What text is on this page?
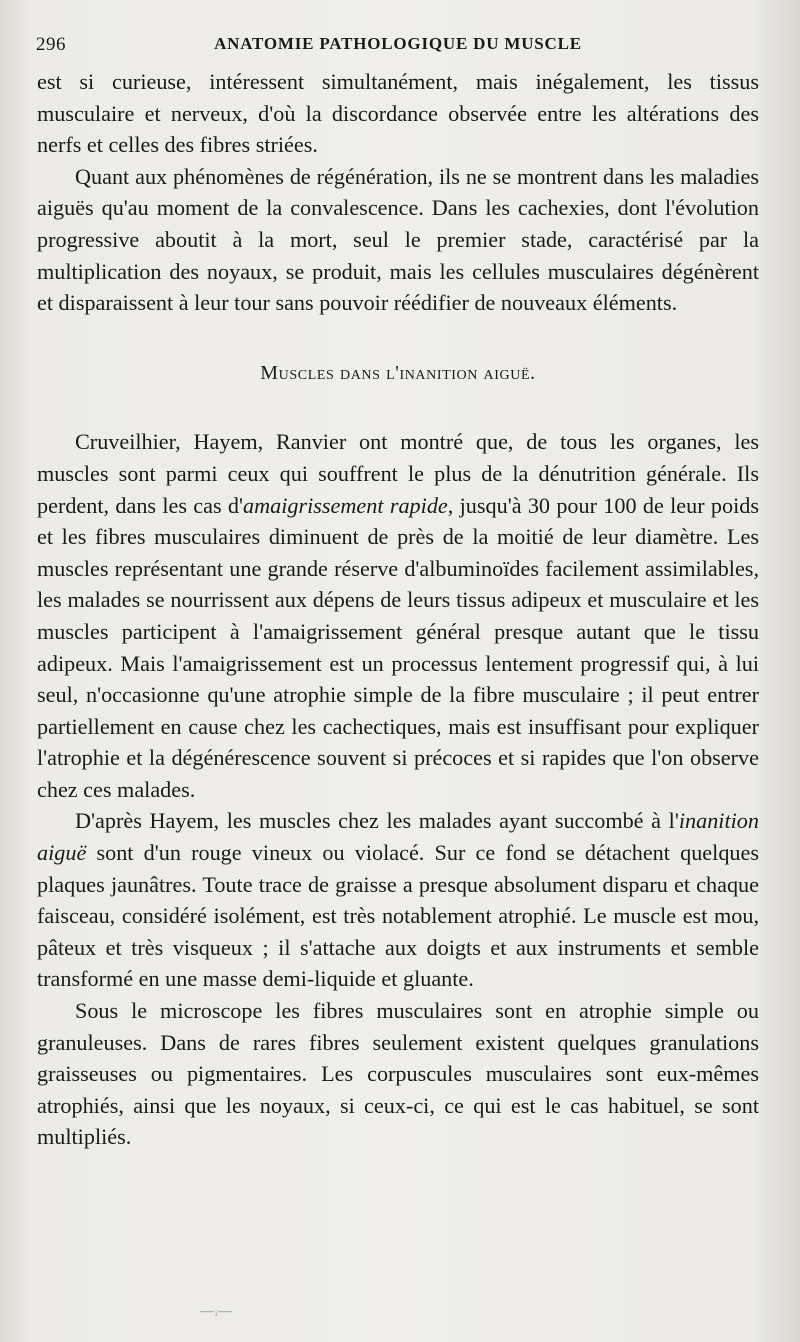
296	ANATOMIE PATHOLOGIQUE DU MUSCLE

est si curieuse, intéressent simultanément, mais inégalement, les tissus musculaire et nerveux, d'où la discordance observée entre les altérations des nerfs et celles des fibres striées.

Quant aux phénomènes de régénération, ils ne se montrent dans les maladies aiguës qu'au moment de la convalescence. Dans les cachexies, dont l'évolution progressive aboutit à la mort, seul le premier stade, caractérisé par la multiplication des noyaux, se produit, mais les cellules musculaires dégénèrent et disparaissent à leur tour sans pouvoir réédifier de nouveaux éléments.

Muscles dans l'inanition aiguë.

Cruveilhier, Hayem, Ranvier ont montré que, de tous les organes, les muscles sont parmi ceux qui souffrent le plus de la dénutrition générale. Ils perdent, dans les cas d'amaigrissement rapide, jusqu'à 30 pour 100 de leur poids et les fibres musculaires diminuent de près de la moitié de leur diamètre. Les muscles représentant une grande réserve d'albuminoïdes facilement assimilables, les malades se nourrissent aux dépens de leurs tissus adipeux et musculaire et les muscles participent à l'amaigrissement général presque autant que le tissu adipeux. Mais l'amaigrissement est un processus lentement progressif qui, à lui seul, n'occasionne qu'une atrophie simple de la fibre musculaire ; il peut entrer partiellement en cause chez les cachectiques, mais est insuffisant pour expliquer l'atrophie et la dégénérescence souvent si précoces et si rapides que l'on observe chez ces malades.

D'après Hayem, les muscles chez les malades ayant succombé à l'inanition aiguë sont d'un rouge vineux ou violacé. Sur ce fond se détachent quelques plaques jaunâtres. Toute trace de graisse a presque absolument disparu et chaque faisceau, considéré isolément, est très notablement atrophié. Le muscle est mou, pâteux et très visqueux ; il s'attache aux doigts et aux instruments et semble transformé en une masse demi-liquide et gluante.

Sous le microscope les fibres musculaires sont en atrophie simple ou granuleuses. Dans de rares fibres seulement existent quelques granulations graisseuses ou pigmentaires. Les corpuscules musculaires sont eux-mêmes atrophiés, ainsi que les noyaux, si ceux-ci, ce qui est le cas habituel, se sont multipliés.

—ᵢ—
